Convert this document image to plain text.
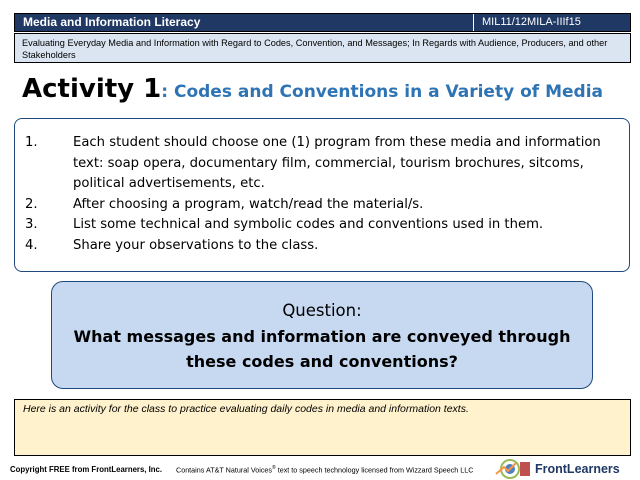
Media and Information Literacy	MIL11/12MILA-IIIf15
Evaluating Everyday Media and Information with Regard to Codes, Convention, and Messages; In Regards with Audience, Producers, and other Stakeholders
Activity 1: Codes and Conventions in a Variety of Media
1.	Each student should choose one (1) program from these media and information text: soap opera, documentary film, commercial, tourism brochures, sitcoms, political advertisements, etc.
2.	After choosing a program, watch/read the material/s.
3.	List some technical and symbolic codes and conventions used in them.
4.	Share your observations to the class.
Question:
What messages and information are conveyed through these codes and conventions?
Here is an activity for the class to practice evaluating daily codes in media and information texts.
Copyright FREE from FrontLearners, Inc. Contains AT&T Natural Voices® text to speech technology licensed from Wizzard Speech LLC	FrontLearners
